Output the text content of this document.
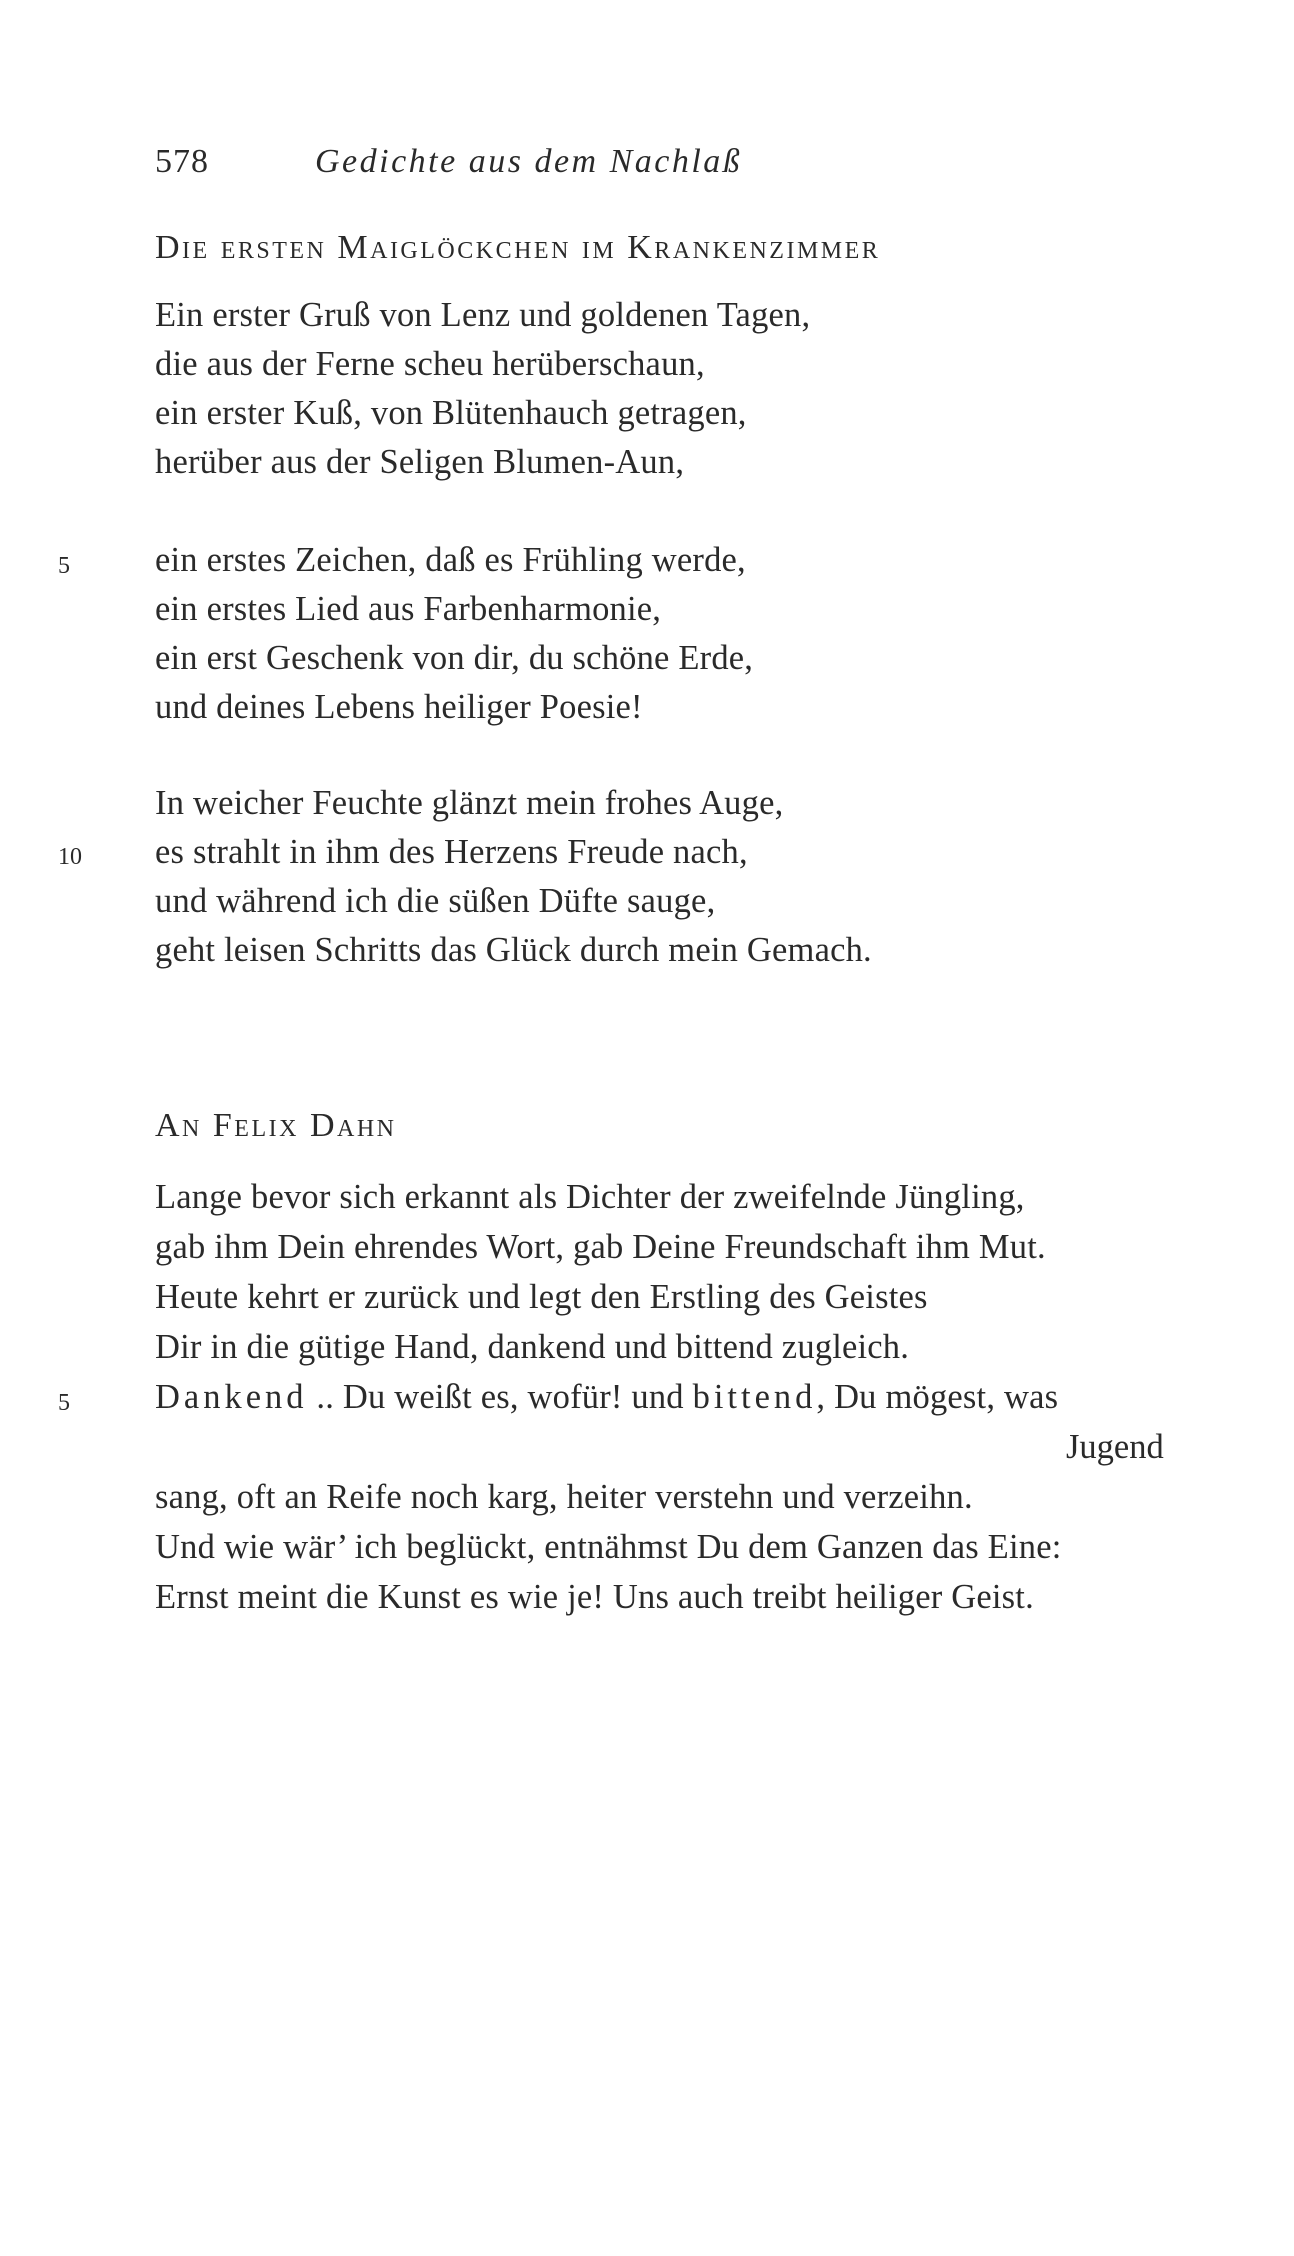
578	Gedichte aus dem Nachlaß
Die ersten Maiglöckchen im Krankenzimmer
Ein erster Gruß von Lenz und goldenen Tagen,
die aus der Ferne scheu herüberschaun,
ein erster Kuß, von Blütenhauch getragen,
herüber aus der Seligen Blumen-Aun,
5 ein erstes Zeichen, daß es Frühling werde,
ein erstes Lied aus Farbenharmonie,
ein erst Geschenk von dir, du schöne Erde,
und deines Lebens heiliger Poesie!
In weicher Feuchte glänzt mein frohes Auge,
10 es strahlt in ihm des Herzens Freude nach,
und während ich die süßen Düfte sauge,
geht leisen Schritts das Glück durch mein Gemach.
An Felix Dahn
Lange bevor sich erkannt als Dichter der zweifelnde Jüngling,
gab ihm Dein ehrendes Wort, gab Deine Freundschaft ihm Mut.
Heute kehrt er zurück und legt den Erstling des Geistes
Dir in die gütige Hand, dankend und bittend zugleich.
5 Dankend .. Du weißt es, wofür! und bittend, Du mögest, was
Jugend
sang, oft an Reife noch karg, heiter verstehn und verzeihn.
Und wie wär’ ich beglückt, entnähmst Du dem Ganzen das Eine:
Ernst meint die Kunst es wie je! Uns auch treibt heiliger Geist.
